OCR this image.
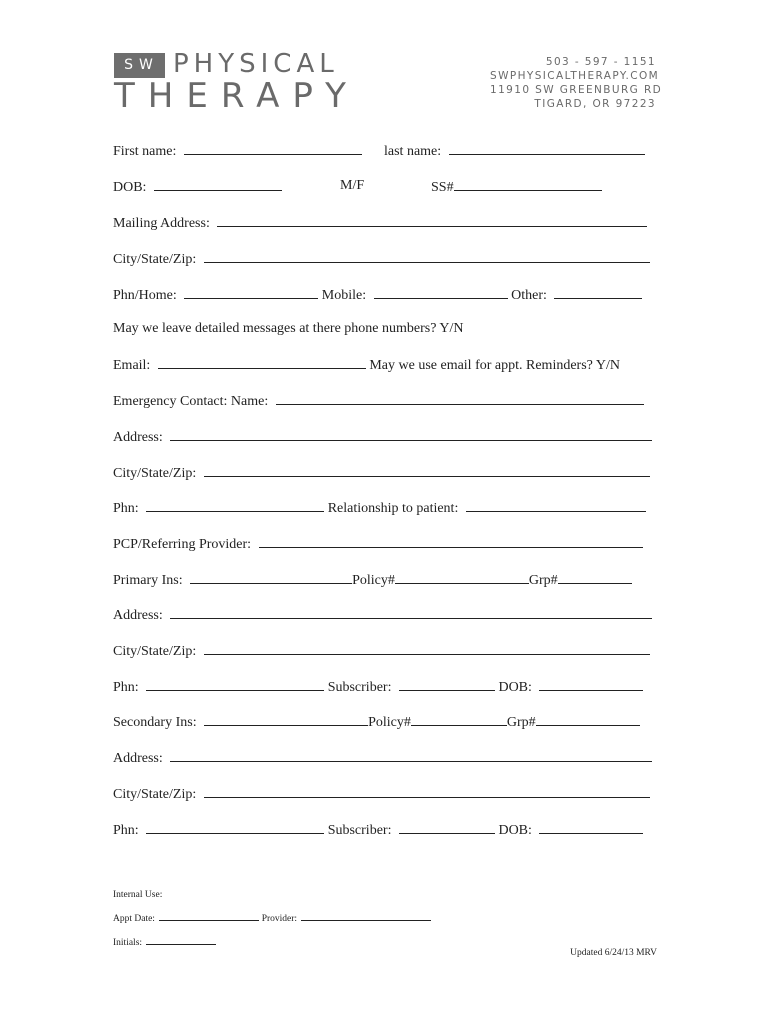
SW PHYSICAL
THERAPY
503 - 597 - 1151
SWPHYSICALTHERAPY.COM
11910 SW GREENBURG RD
TIGARD, OR 97223
First name:	last name:
DOB:	M/F	SS#
Mailing Address:
City/State/Zip:
Phn/Home:	Mobile:	Other:
May we leave detailed messages at there phone numbers? Y/N
Email:	May we use email for appt. Reminders? Y/N
Emergency Contact: Name:
Address:
City/State/Zip:
Phn:	Relationship to patient:
PCP/Referring Provider:
Primary Ins:	Policy#	Grp#
Address:
City/State/Zip:
Phn:	Subscriber:	DOB:
Secondary Ins:	Policy#	Grp#
Address:
City/State/Zip:
Phn:	Subscriber:	DOB:
Internal Use:
Appt Date:	Provider:
Initials:
Updated 6/24/13 MRV
